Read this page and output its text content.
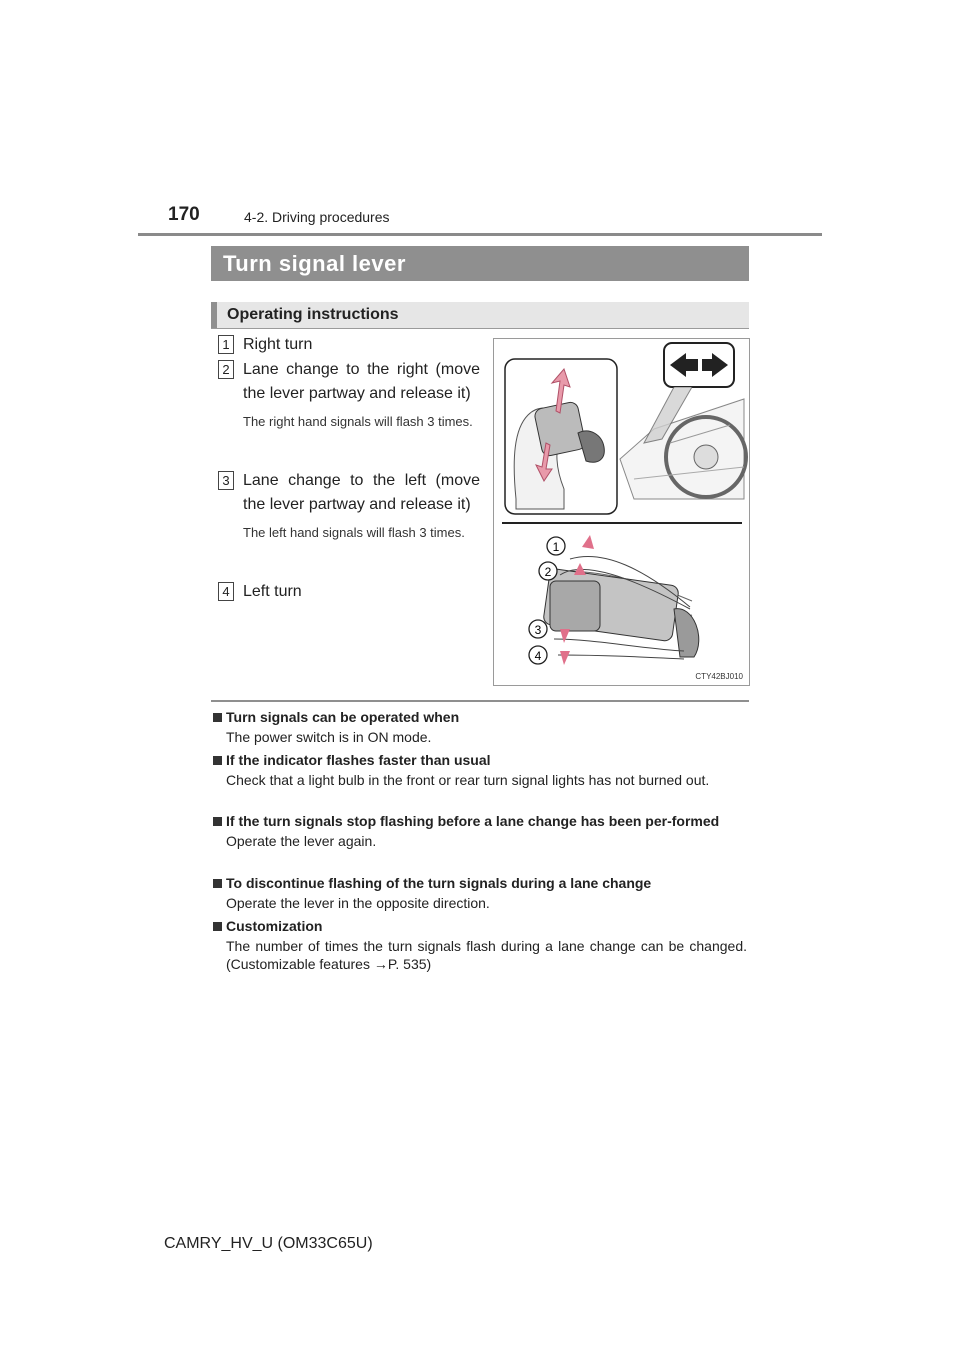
170	4-2. Driving procedures
Turn signal lever
Operating instructions
1 Right turn
2 Lane change to the right (move the lever partway and release it)
The right hand signals will flash 3 times.
3 Lane change to the left (move the lever partway and release it)
The left hand signals will flash 3 times.
4 Left turn
1
2
3
4
CTY42BJ010
Turn signals can be operated when
The power switch is in ON mode.
If the indicator flashes faster than usual
Check that a light bulb in the front or rear turn signal lights has not burned out.
If the turn signals stop flashing before a lane change has been per-formed
Operate the lever again.
To discontinue flashing of the turn signals during a lane change
Operate the lever in the opposite direction.
Customization
The number of times the turn signals flash during a lane change can be changed. (Customizable features →P. 535)
CAMRY_HV_U (OM33C65U)
